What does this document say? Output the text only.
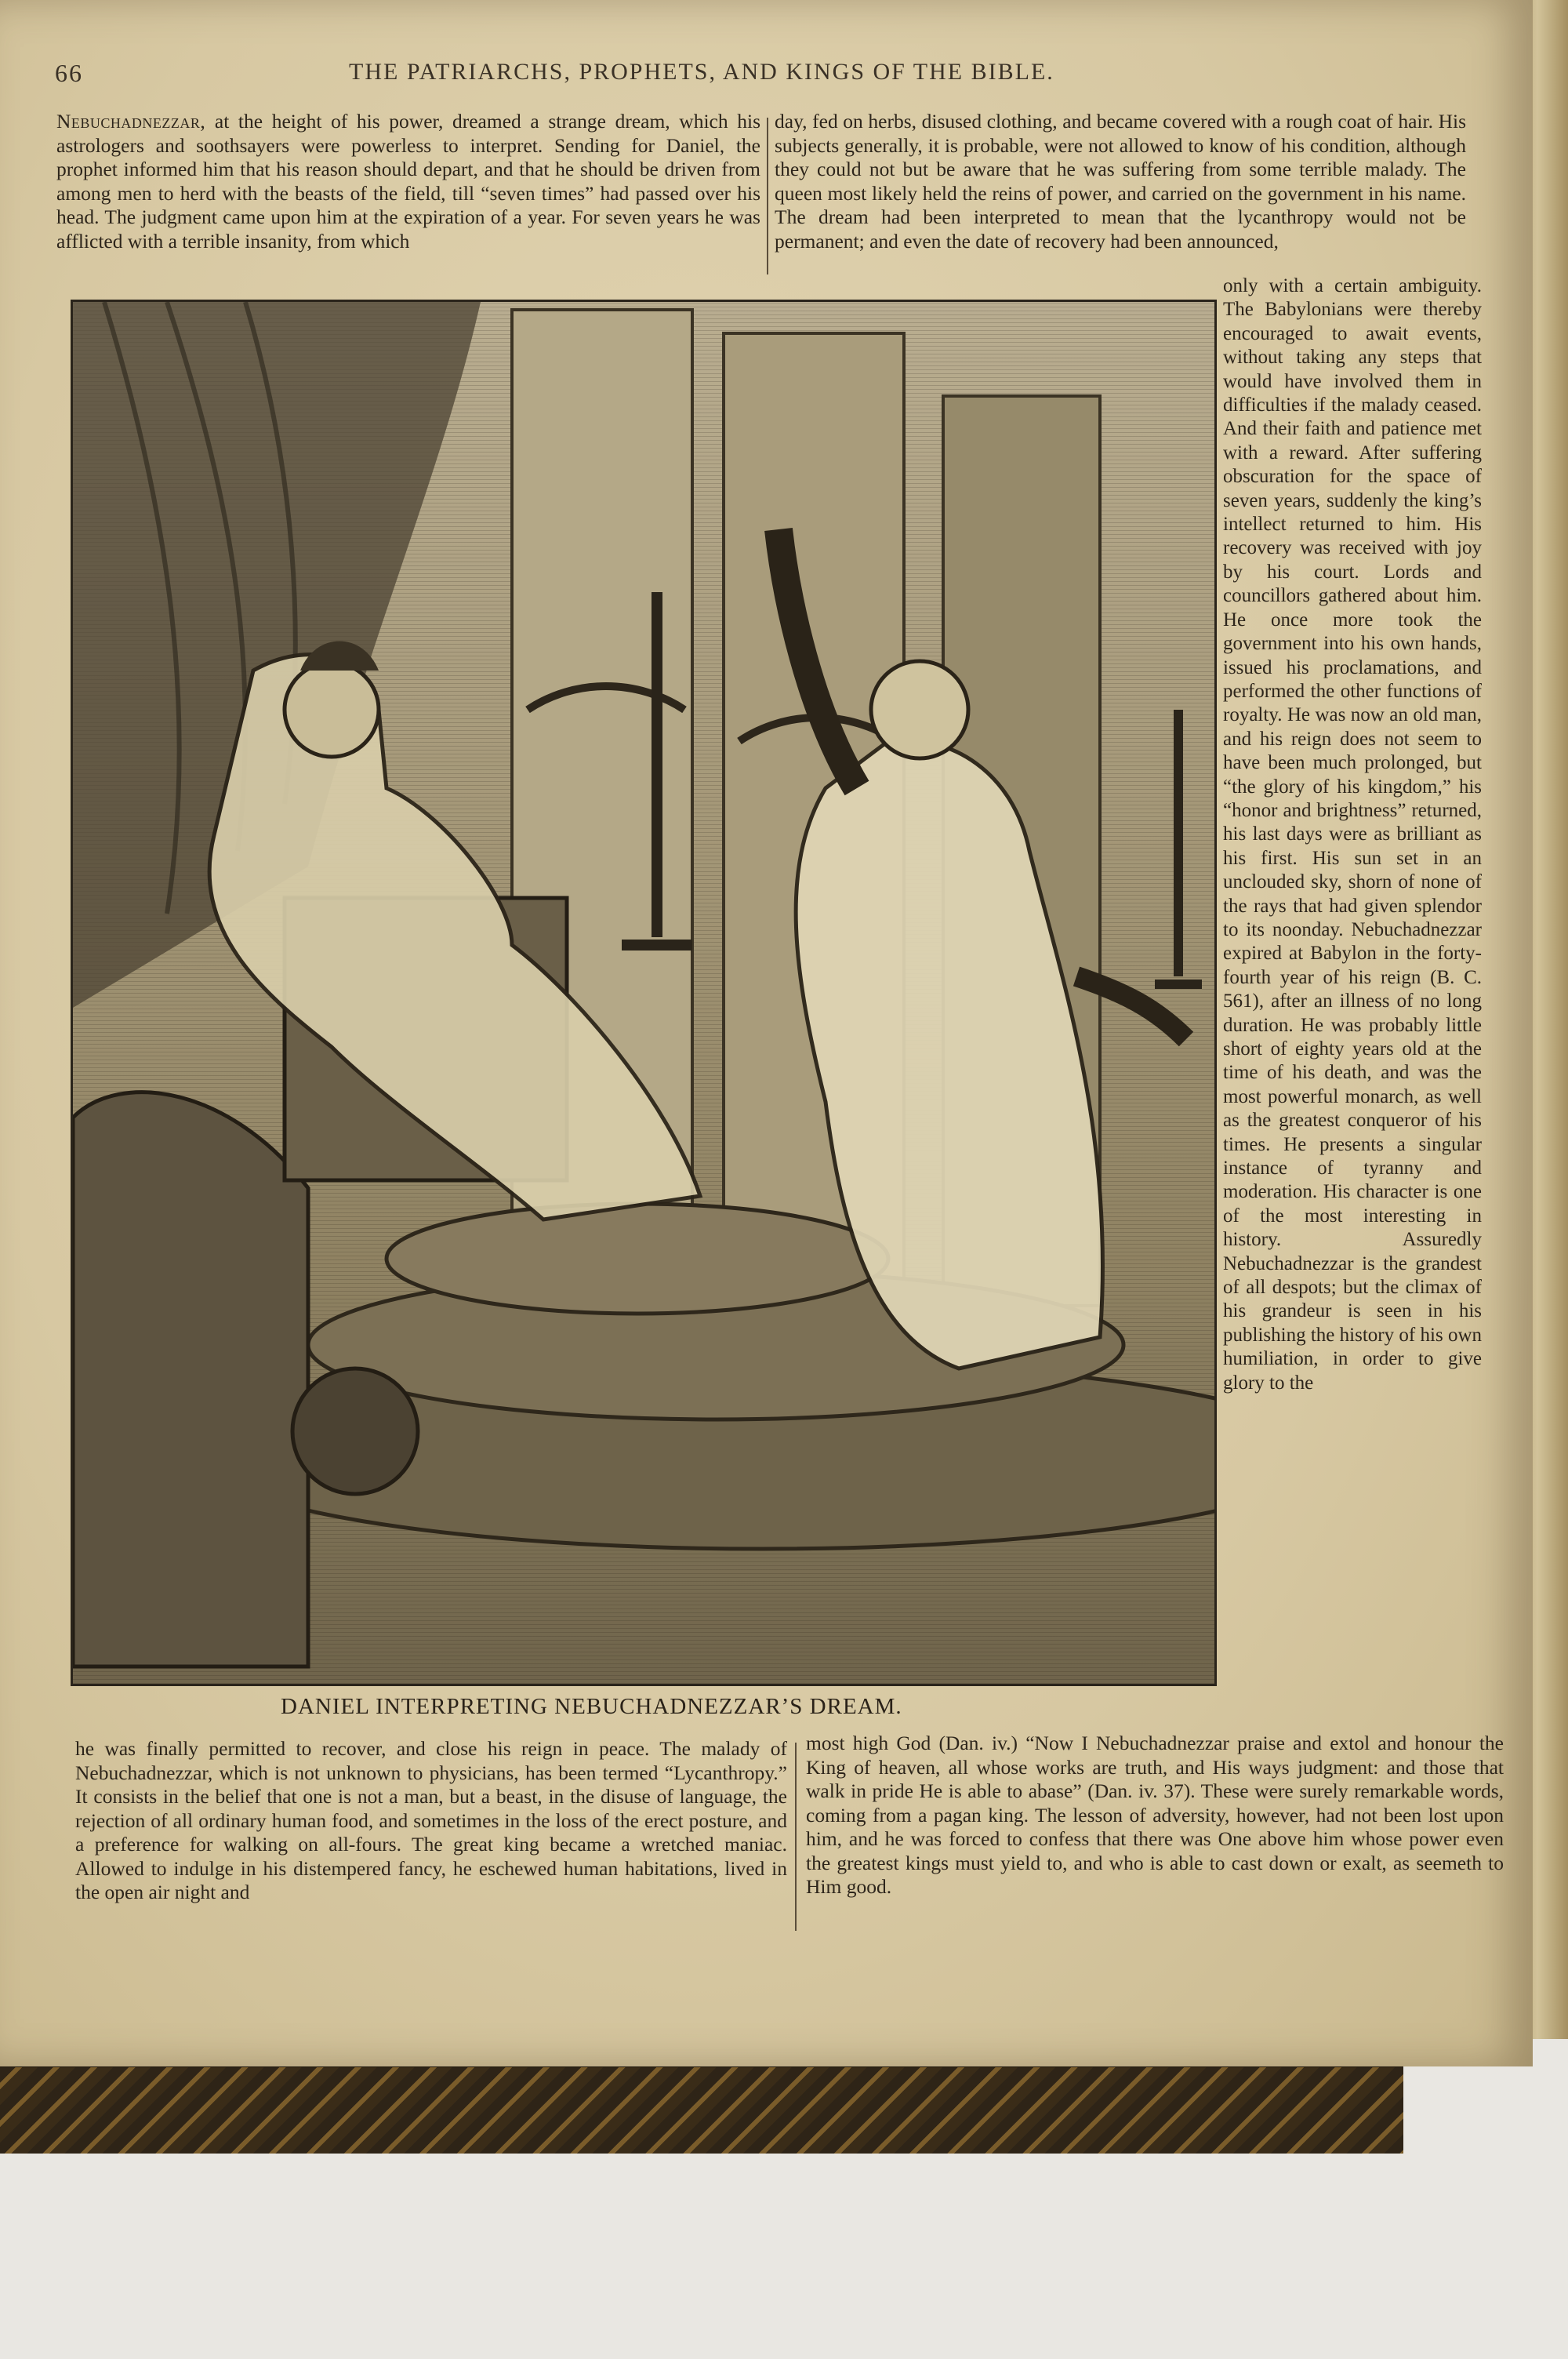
66	THE PATRIARCHS, PROPHETS, AND KINGS OF THE BIBLE.

Nebuchadnezzar, at the height of his power, dreamed a strange dream, which his astrologers and soothsayers were powerless to interpret. Sending for Daniel, the prophet informed him that his reason should depart, and that he should be driven from among men to herd with the beasts of the field, till “seven times” had passed over his head. The judgment came upon him at the expiration of a year. For seven years he was afflicted with a terrible insanity, from which

day, fed on herbs, disused clothing, and became covered with a rough coat of hair. His subjects generally, it is probable, were not allowed to know of his condition, although they could not but be aware that he was suffering from some terrible malady. The queen most likely held the reins of power, and carried on the government in his name. The dream had been interpreted to mean that the lycanthropy would not be permanent; and even the date of recovery had been announced,

only with a certain ambiguity. The Babylonians were thereby encouraged to await events, without taking any steps that would have involved them in difficulties if the malady ceased. And their faith and patience met with a reward. After suffering obscuration for the space of seven years, suddenly the king’s intellect returned to him. His recovery was received with joy by his court. Lords and councillors gathered about him. He once more took the government into his own hands, issued his proclamations, and performed the other functions of royalty. He was now an old man, and his reign does not seem to have been much prolonged, but “the glory of his kingdom,” his “honor and brightness” returned, his last days were as brilliant as his first. His sun set in an unclouded sky, shorn of none of the rays that had given splendor to its noonday. Nebuchadnezzar expired at Babylon in the forty-fourth year of his reign (B. C. 561), after an illness of no long duration. He was probably little short of eighty years old at the time of his death, and was the most powerful monarch, as well as the greatest conqueror of his times. He presents a singular instance of tyranny and moderation. His character is one of the most interesting in history. Assuredly Nebuchadnezzar is the grandest of all despots; but the climax of his grandeur is seen in his publishing the history of his own humiliation, in order to give glory to the

DANIEL INTERPRETING NEBUCHADNEZZAR’S DREAM.

he was finally permitted to recover, and close his reign in peace. The malady of Nebuchadnezzar, which is not unknown to physicians, has been termed “Lycanthropy.” It consists in the belief that one is not a man, but a beast, in the disuse of language, the rejection of all ordinary human food, and sometimes in the loss of the erect posture, and a preference for walking on all-fours. The great king became a wretched maniac. Allowed to indulge in his distempered fancy, he eschewed human habitations, lived in the open air night and

most high God (Dan. iv.) “Now I Nebuchadnezzar praise and extol and honour the King of heaven, all whose works are truth, and His ways judgment: and those that walk in pride He is able to abase” (Dan. iv. 37). These were surely remarkable words, coming from a pagan king. The lesson of adversity, however, had not been lost upon him, and he was forced to confess that there was One above him whose power even the greatest kings must yield to, and who is able to cast down or exalt, as seemeth to Him good.
